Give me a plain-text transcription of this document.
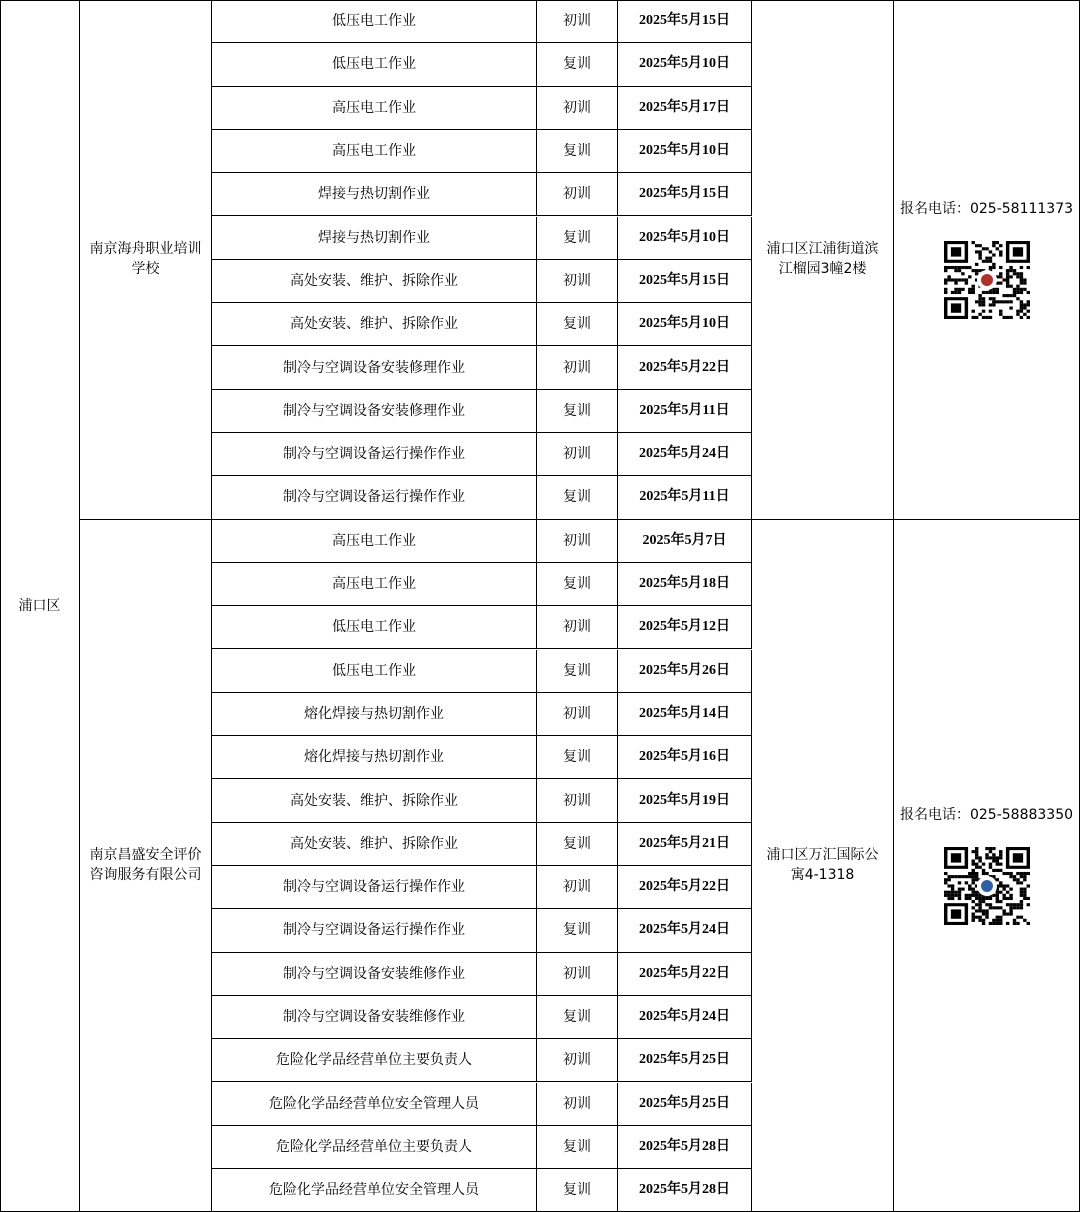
浦口区
南京海舟职业培训学校
低压电工作业	初训	2025年5月15日
低压电工作业	复训	2025年5月10日
高压电工作业	初训	2025年5月17日
高压电工作业	复训	2025年5月10日
焊接与热切割作业	初训	2025年5月15日
焊接与热切割作业	复训	2025年5月10日
高处安装、维护、拆除作业	初训	2025年5月15日
高处安装、维护、拆除作业	复训	2025年5月10日
制冷与空调设备安装修理作业	初训	2025年5月22日
制冷与空调设备安装修理作业	复训	2025年5月11日
制冷与空调设备运行操作作业	初训	2025年5月24日
制冷与空调设备运行操作作业	复训	2025年5月11日
浦口区江浦街道滨江榴园3幢2楼
报名电话：025-58111373
南京昌盛安全评价咨询服务有限公司
高压电工作业	初训	2025年5月7日
高压电工作业	复训	2025年5月18日
低压电工作业	初训	2025年5月12日
低压电工作业	复训	2025年5月26日
熔化焊接与热切割作业	初训	2025年5月14日
熔化焊接与热切割作业	复训	2025年5月16日
高处安装、维护、拆除作业	初训	2025年5月19日
高处安装、维护、拆除作业	复训	2025年5月21日
制冷与空调设备运行操作作业	初训	2025年5月22日
制冷与空调设备运行操作作业	复训	2025年5月24日
制冷与空调设备安装维修作业	初训	2025年5月22日
制冷与空调设备安装维修作业	复训	2025年5月24日
危险化学品经营单位主要负责人	初训	2025年5月25日
危险化学品经营单位安全管理人员	初训	2025年5月25日
危险化学品经营单位主要负责人	复训	2025年5月28日
危险化学品经营单位安全管理人员	复训	2025年5月28日
浦口区万汇国际公寓4-1318
报名电话：025-58883350
